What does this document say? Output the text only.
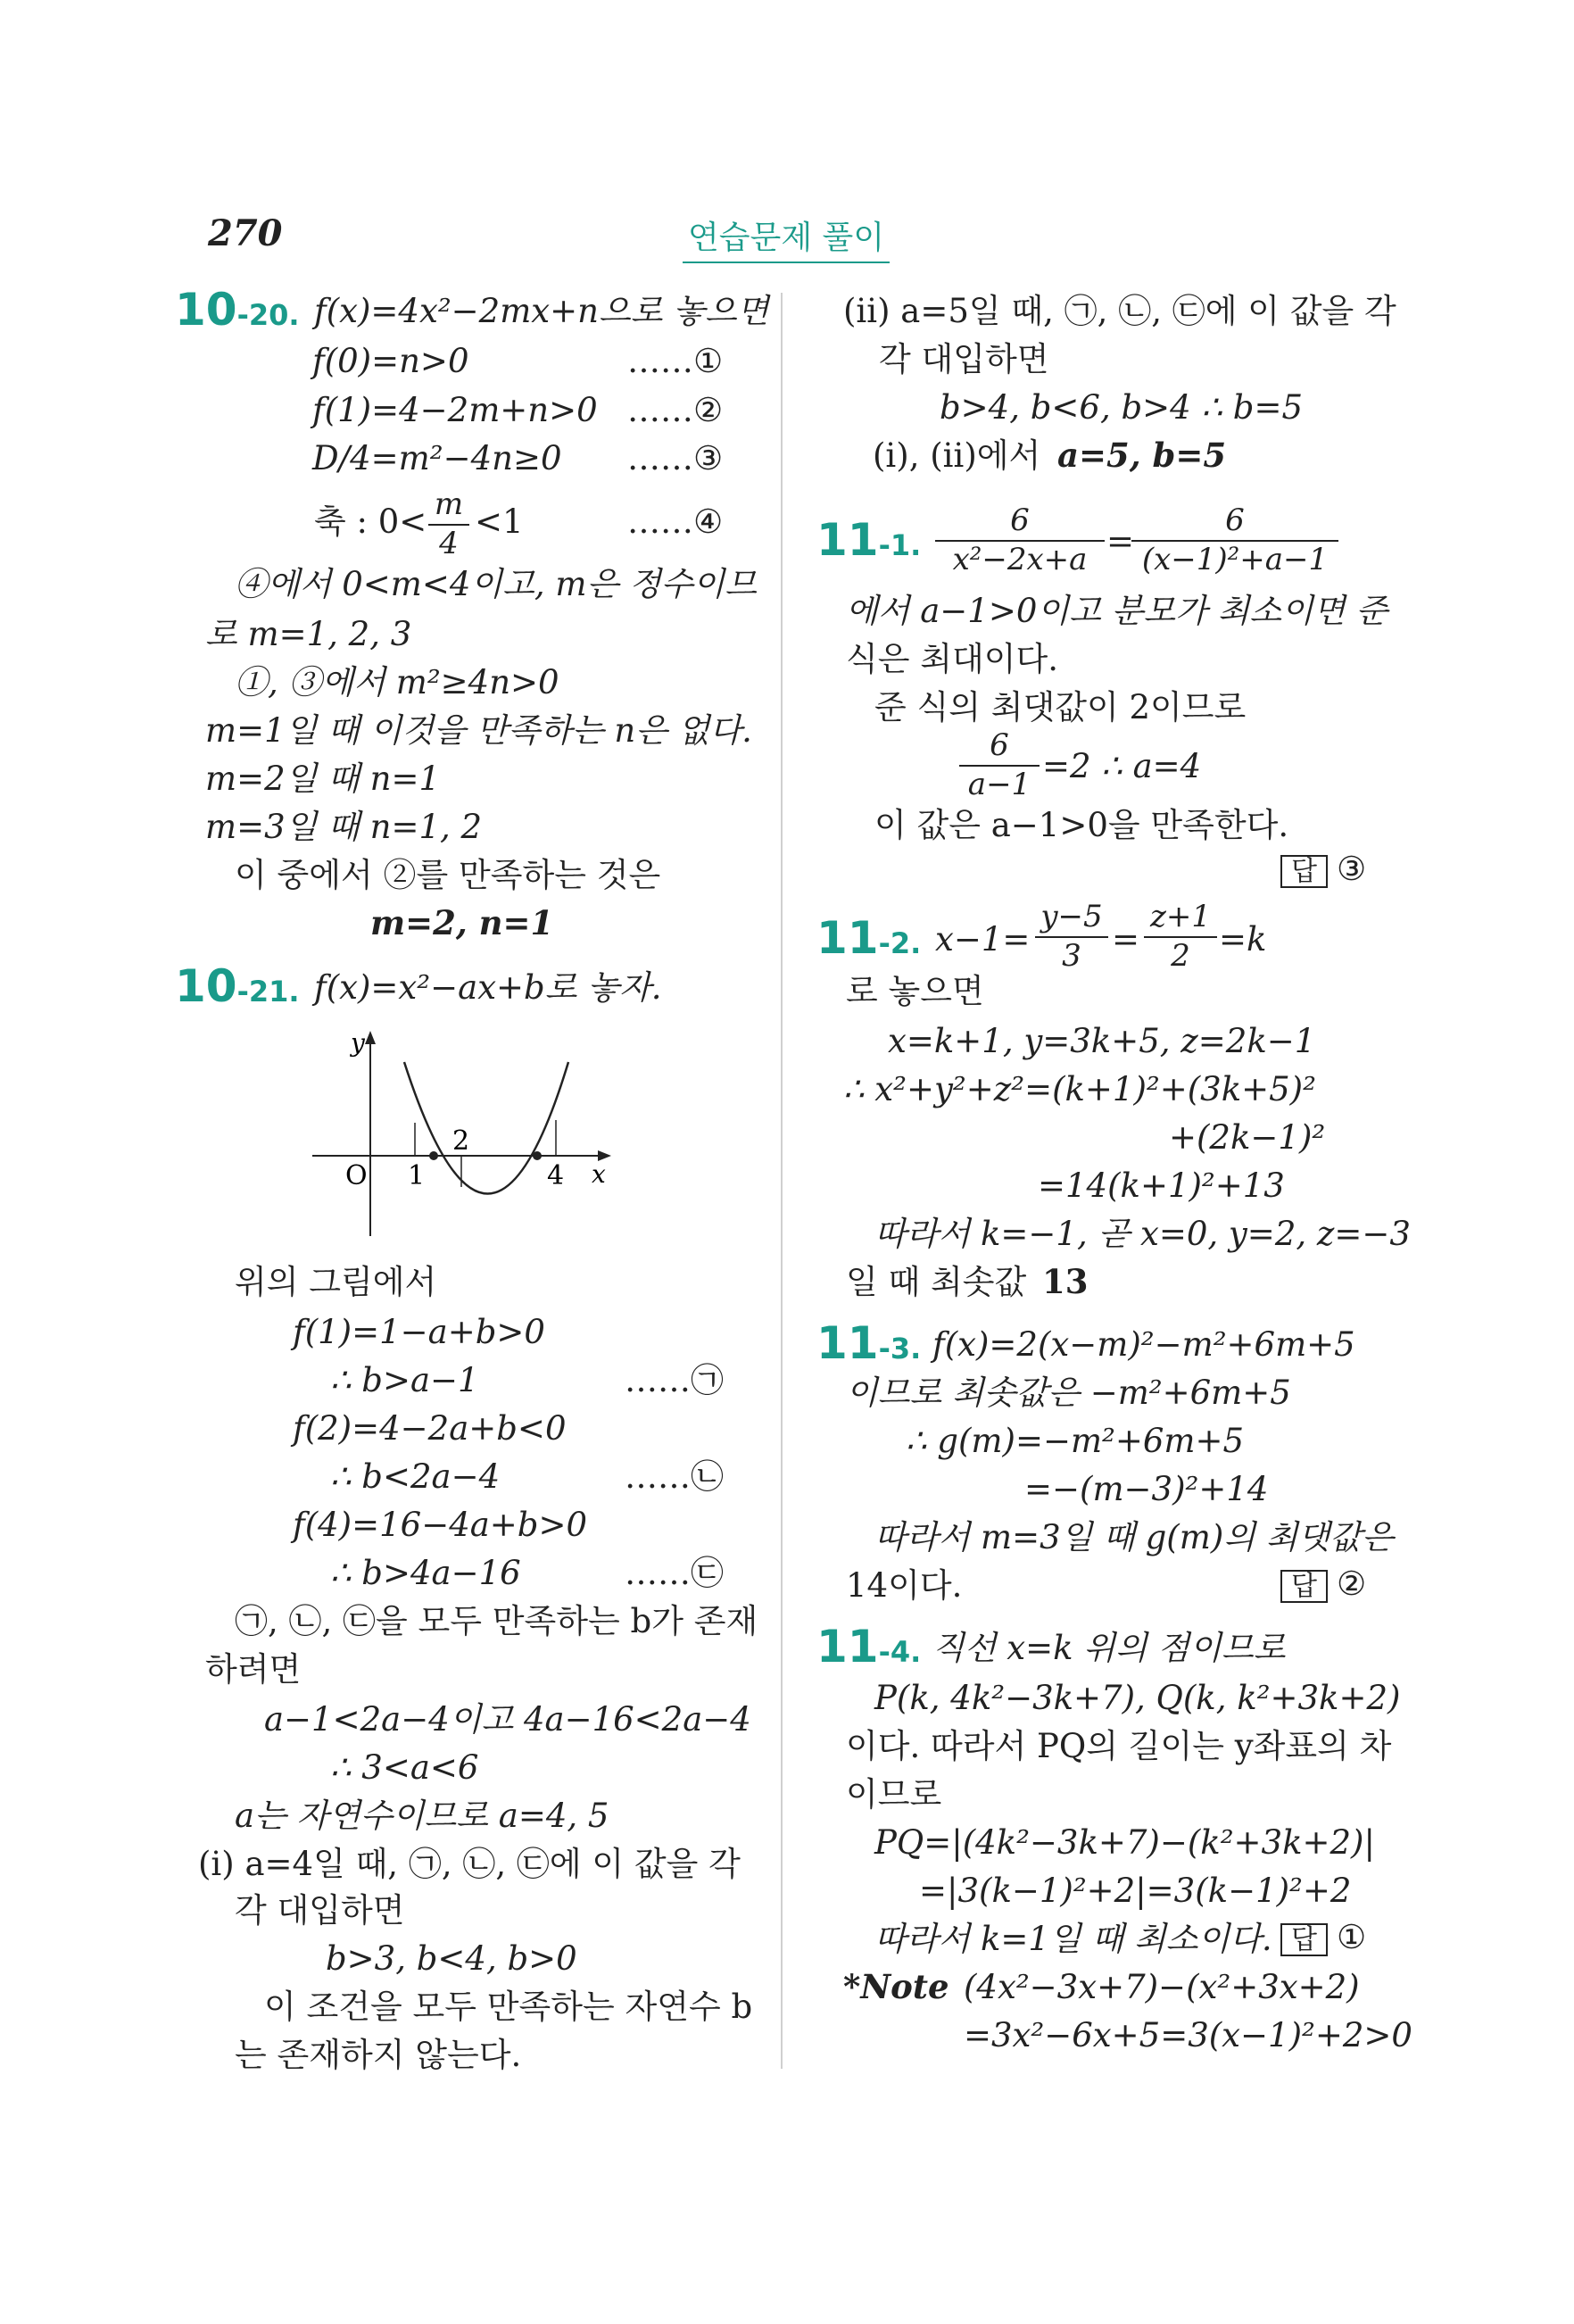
270	연습문제 풀이
10-20. f(x)=4x²−2mx+n으로 놓으면
f(0)=n>0	……①
f(1)=4−2m+n>0 ……②
D/4=m²−4n≥0 ……③
축 : 0< m
4
<1	……④
④에서 0<m<4이고, m은 정수이므
로 m=1, 2, 3
①, ③에서 m²≥4n>0
m=1일 때 이것을 만족하는 n은 없다.
m=2일 때 n=1
m=3일 때 n=1, 2
이 중에서 ②를 만족하는 것은
m=2, n=1
10-21. f(x)=x²−ax+b로 놓자.
y
x
O 1
2
4
위의 그림에서
f(1)=1−a+b>0
∴ b>a−1	……㉠
f(2)=4−2a+b<0
∴ b<2a−4	……㉡
f(4)=16−4a+b>0
∴ b>4a−16	……㉢
㉠, ㉡, ㉢을 모두 만족하는 b가 존재
하려면
a−1<2a−4이고 4a−16<2a−4
∴ 3<a<6
a는 자연수이므로 a=4, 5
(ⅰ) a=4일 때, ㉠, ㉡, ㉢에 이 값을 각
각 대입하면
b>3, b<4, b>0
이 조건을 모두 만족하는 자연수 b
는 존재하지 않는다.
(ⅱ) a=5일 때, ㉠, ㉡, ㉢에 이 값을 각
각 대입하면
b>4, b<6, b>4 ∴ b=5
(ⅰ), (ⅱ)에서 a=5, b=5
11-1.
6
x²−2x+a =
6
(x−1)²+a−1
에서 a−1>0이고 분모가 최소이면 준
식은 최대이다.
준 식의 최댓값이 2이므로
6
a−1 =2 ∴ a=4
이 값은 a−1>0을 만족한다.
답 ③
11-2. x−1=
y−5
3 =
z+1
2 =k
로 놓으면
x=k+1, y=3k+5, z=2k−1
∴ x²+y²+z²=(k+1)²+(3k+5)²
+(2k−1)²
=14(k+1)²+13
따라서 k=−1, 곧 x=0, y=2, z=−3
일 때 최솟값 13
11-3. f(x)=2(x−m)²−m²+6m+5
이므로 최솟값은 −m²+6m+5
∴ g(m)=−m²+6m+5
=−(m−3)²+14
따라서 m=3일 때 g(m)의 최댓값은
14이다.	답 ②
11-4. 직선 x=k 위의 점이므로
P(k, 4k²−3k+7), Q(k, k²+3k+2)
이다. 따라서 PQ의 길이는 y좌표의 차
이므로
PQ=|(4k²−3k+7)−(k²+3k+2)|
=|3(k−1)²+2|=3(k−1)²+2
따라서 k=1일 때 최소이다. 답 ①
*Note (4x²−3x+7)−(x²+3x+2)
=3x²−6x+5=3(x−1)²+2>0
